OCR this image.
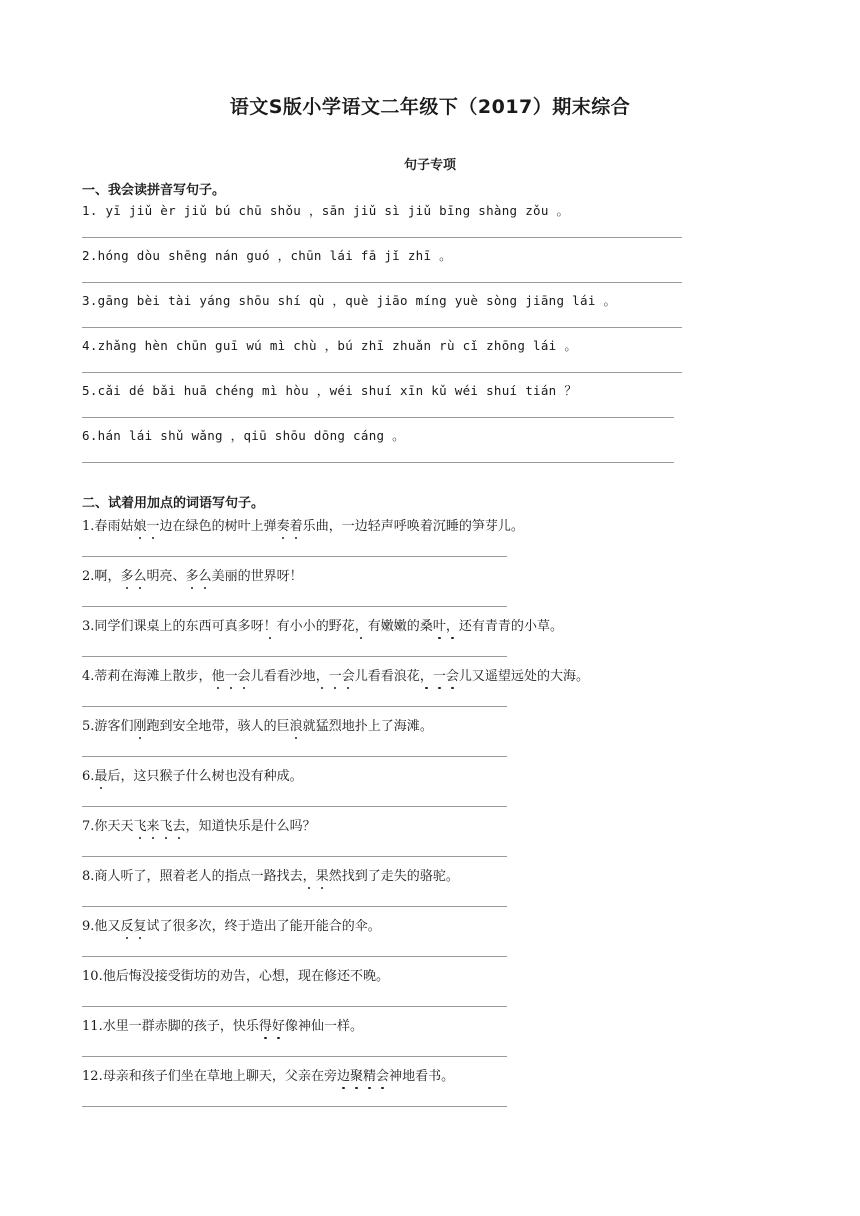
语文S版小学语文二年级下（2017）期末综合
句子专项
一、我会读拼音写句子。
1. yī jiǔ èr jiǔ bú chū shǒu ，sān jiǔ sì jiǔ bīng shàng zǒu 。
2.hóng dòu shēng nán guó ，chūn lái fā jǐ zhī 。
3.gāng bèi tài yáng shōu shí qù ，què jiāo míng yuè sòng jiāng lái 。
4.zhǎng hèn chūn guī wú mì chù ，bú zhī zhuǎn rù cǐ zhōng lái 。
5.cǎi dé bǎi huā chéng mì hòu ，wéi shuí xīn kǔ wéi shuí tián ？
6.hán lái shǔ wǎng ，qiū shōu dōng cáng 。
二、试着用加点的词语写句子。
1.春雨姑娘一边在绿色的树叶上弹奏着乐曲，一边轻声呼唤着沉睡的笋芽儿。
2.啊，多么明亮、多么美丽的世界呀！
3.同学们课桌上的东西可真多呀！有小小的野花，有嫩嫩的桑叶，还有青青的小草。
4.蒂莉在海滩上散步，他一会儿看看沙地，一会儿看看浪花，一会儿又遥望远处的大海。
5.游客们刚跑到安全地带，骇人的巨浪就猛烈地扑上了海滩。
6.最后，这只猴子什么树也没有种成。
7.你天天飞来飞去，知道快乐是什么吗？
8.商人听了，照着老人的指点一路找去，果然找到了走失的骆驼。
9.他又反复试了很多次，终于造出了能开能合的伞。
10.他后悔没接受街坊的劝告，心想，现在修还不晚。
11.水里一群赤脚的孩子，快乐得好像神仙一样。
12.母亲和孩子们坐在草地上聊天，父亲在旁边聚精会神地看书。
